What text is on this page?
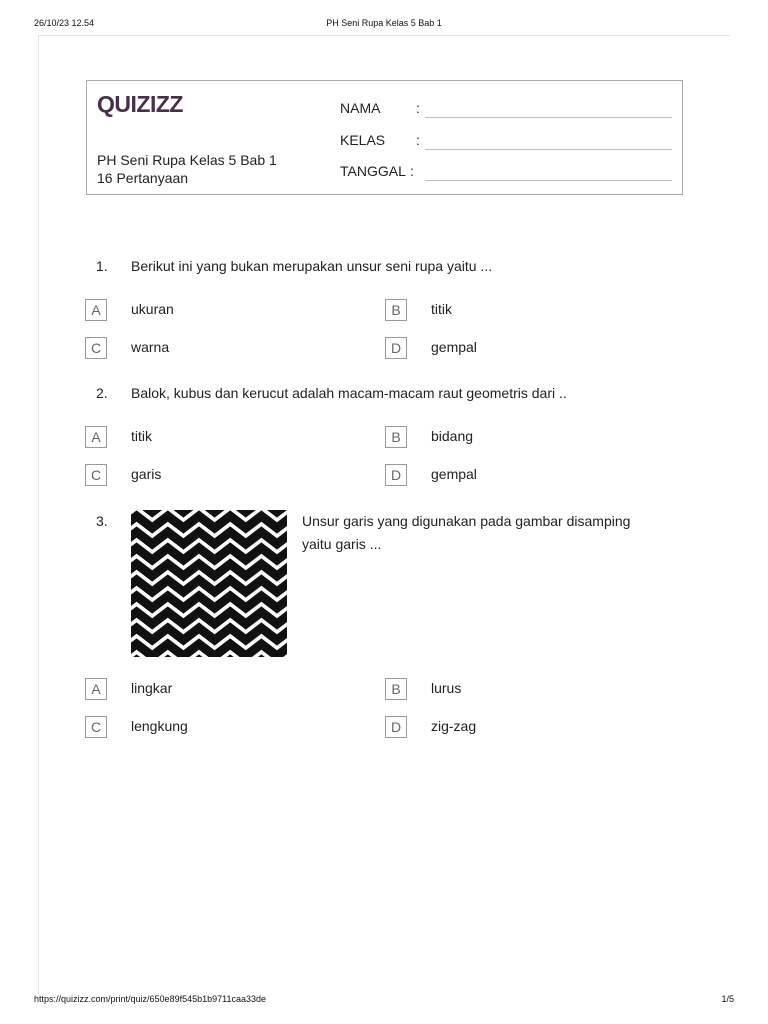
26/10/23 12.54	PH Seni Rupa Kelas 5 Bab 1
QUIZIZZ
PH Seni Rupa Kelas 5 Bab 1
16 Pertanyaan
NAMA	:
KELAS :
TANGGAL :
1. Berikut ini yang bukan merupakan unsur seni rupa yaitu ...
A	ukuran	B	titik
C	warna	D	gempal
2. Balok, kubus dan kerucut adalah macam-macam raut geometris dari ..
A	titik	B	bidang
C	garis	D	gempal
3.	Unsur garis yang digunakan pada gambar disamping
yaitu garis ...
A	lingkar	B	lurus
C	lengkung	D	zig-zag
https://quizizz.com/print/quiz/650e89f545b1b9711caa33de	1/5
